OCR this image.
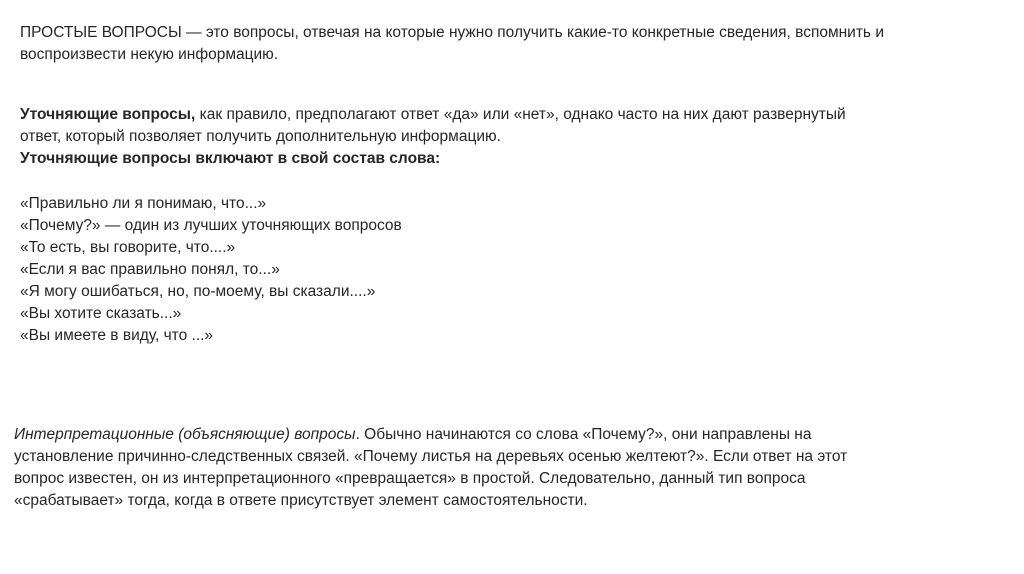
ПРОСТЫЕ ВОПРОСЫ — это вопросы, отвечая на которые нужно получить какие-то конкретные сведения, вспомнить и
воспроизвести некую информацию.
Уточняющие вопросы, как правило, предполагают ответ «да» или «нет», однако часто на них дают развернутый
ответ, который позволяет получить дополнительную информацию.
Уточняющие вопросы включают в свой состав слова:
«Правильно ли я понимаю, что...»
«Почему?» — один из лучших уточняющих вопросов
«То есть, вы говорите, что....»
«Если я вас правильно понял, то...»
«Я могу ошибаться, но, по-моему, вы сказали....»
«Вы хотите сказать...»
«Вы имеете в виду, что ...»
Интерпретационные (объясняющие) вопросы. Обычно начинаются со слова «Почему?», они направлены на
установление причинно-следственных связей. «Почему листья на деревьях осенью желтеют?». Если ответ на этот
вопрос известен, он из интерпретационного «превращается» в простой. Следовательно, данный тип вопроса
«срабатывает» тогда, когда в ответе присутствует элемент самостоятельности.
